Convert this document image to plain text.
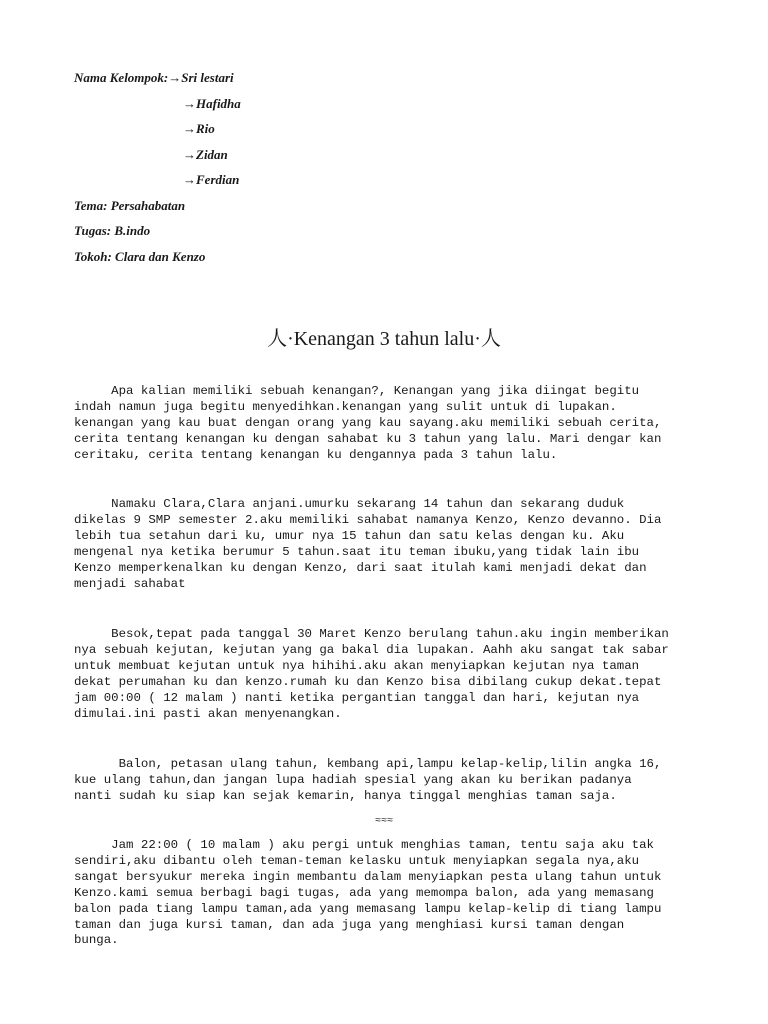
Nama Kelompok:→Sri lestari
→Hafidha
→Rio
→Zidan
→Ferdian
Tema: Persahabatan
Tugas: B.indo
Tokoh: Clara dan Kenzo
人·Kenangan 3 tahun lalu·人
Apa kalian memiliki sebuah kenangan?, Kenangan yang jika diingat begitu
indah namun juga begitu menyedihkan.kenangan yang sulit untuk di lupakan.
kenangan yang kau buat dengan orang yang kau sayang.aku memiliki sebuah cerita,
cerita tentang kenangan ku dengan sahabat ku 3 tahun yang lalu. Mari dengar kan
ceritaku, cerita tentang kenangan ku dengannya pada 3 tahun lalu.
Namaku Clara,Clara anjani.umurku sekarang 14 tahun dan sekarang duduk
dikelas 9 SMP semester 2.aku memiliki sahabat namanya Kenzo, Kenzo devanno. Dia
lebih tua setahun dari ku, umur nya 15 tahun dan satu kelas dengan ku. Aku
mengenal nya ketika berumur 5 tahun.saat itu teman ibuku,yang tidak lain ibu
Kenzo memperkenalkan ku dengan Kenzo, dari saat itulah kami menjadi dekat dan
menjadi sahabat
Besok,tepat pada tanggal 30 Maret Kenzo berulang tahun.aku ingin memberikan
nya sebuah kejutan, kejutan yang ga bakal dia lupakan. Aahh aku sangat tak sabar
untuk membuat kejutan untuk nya hihihi.aku akan menyiapkan kejutan nya taman
dekat perumahan ku dan kenzo.rumah ku dan Kenzo bisa dibilang cukup dekat.tepat
jam 00:00 ( 12 malam ) nanti ketika pergantian tanggal dan hari, kejutan nya
dimulai.ini pasti akan menyenangkan.
Balon, petasan ulang tahun, kembang api,lampu kelap-kelip,lilin angka 16,
kue ulang tahun,dan jangan lupa hadiah spesial yang akan ku berikan padanya
nanti sudah ku siap kan sejak kemarin, hanya tinggal menghias taman saja.
≈≈≈
Jam 22:00 ( 10 malam ) aku pergi untuk menghias taman, tentu saja aku tak
sendiri,aku dibantu oleh teman-teman kelasku untuk menyiapkan segala nya,aku
sangat bersyukur mereka ingin membantu dalam menyiapkan pesta ulang tahun untuk
Kenzo.kami semua berbagi bagi tugas, ada yang memompa balon, ada yang memasang
balon pada tiang lampu taman,ada yang memasang lampu kelap-kelip di tiang lampu
taman dan juga kursi taman, dan ada juga yang menghiasi kursi taman dengan
bunga.
